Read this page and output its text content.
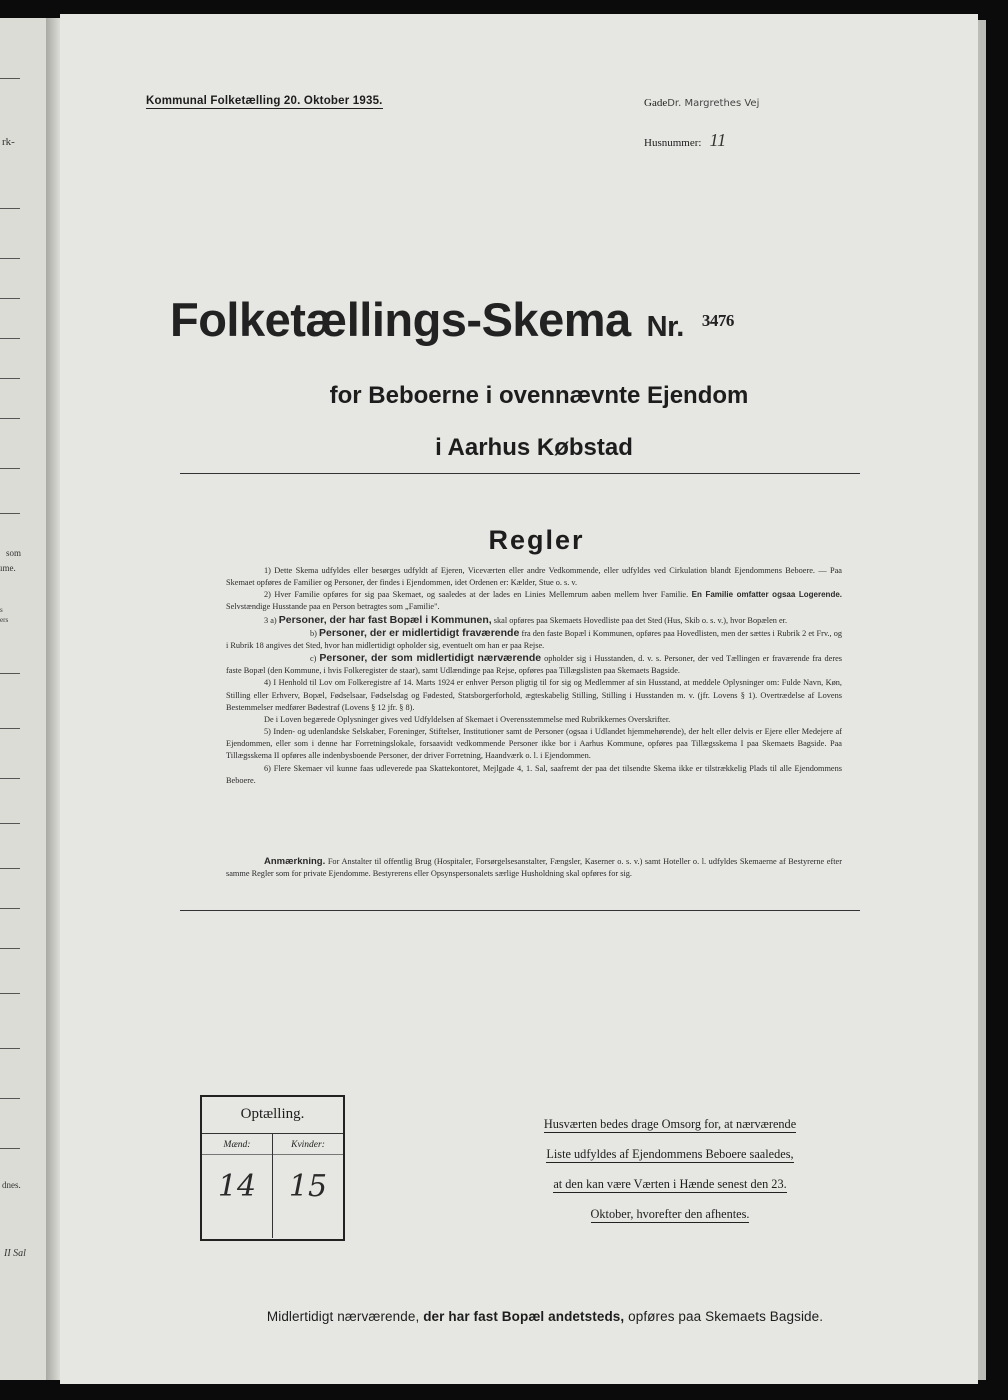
rk-
som
ıme.
s
ers
dnes.
II Sal
Kommunal Folketælling 20. Oktober 1935.	GadeDr. Margrethes Vej
Husnummer: 11
Folketællings-Skema Nr. $^{3476}$
for Beboerne i ovennævnte Ejendom
i Aarhus Købstad
Regler

1) Dette Skema udfyldes eller besørges udfyldt af Ejeren, Viceværten eller andre Vedkommende, eller udfyldes ved Cirkulation blandt Ejendommens Beboere. — Paa Skemaet opføres de Familier og Personer, der findes i Ejendommen, idet Ordenen er: Kælder, Stue o. s. v.

2) Hver Familie opføres for sig paa Skemaet, og saaledes at der lades en Linies Mellemrum aaben mellem hver Familie. En Familie omfatter ogsaa Logerende. Selvstændige Husstande paa en Person betragtes som „Familie".

3 a) Personer, der har fast Bopæl i Kommunen, skal opføres paa Skemaets Hovedliste paa det Sted (Hus, Skib o. s. v.), hvor Bopælen er.

b) Personer, der er midlertidigt fraværende fra den faste Bopæl i Kommunen, opføres paa Hovedlisten, men der sættes i Rubrik 2 et Frv., og i Rubrik 18 angives det Sted, hvor han midlertidigt opholder sig, eventuelt om han er paa Rejse.

c) Personer, der som midlertidigt nærværende opholder sig i Husstanden, d. v. s. Personer, der ved Tællingen er fraværende fra deres faste Bopæl (den Kommune, i hvis Folkeregister de staar), samt Udlændinge paa Rejse, opføres paa Tillægslisten paa Skemaets Bagside.

4) I Henhold til Lov om Folkeregistre af 14. Marts 1924 er enhver Person pligtig til for sig og Medlemmer af sin Husstand, at meddele Oplysninger om: Fulde Navn, Køn, Stilling eller Erhverv, Bopæl, Fødselsaar, Fødselsdag og Fødested, Statsborgerforhold, ægteskabelig Stilling, Stilling i Husstanden m. v. (jfr. Lovens § 1). Overtrædelse af Lovens Bestemmelser medfører Bødestraf (Lovens § 12 jfr. § 8).

De i Loven begærede Oplysninger gives ved Udfyldelsen af Skemaet i Overensstemmelse med Rubrikkernes Overskrifter.

5) Inden- og udenlandske Selskaber, Foreninger, Stiftelser, Institutioner samt de Personer (ogsaa i Udlandet hjemmehørende), der helt eller delvis er Ejere eller Medejere af Ejendommen, eller som i denne har Forretningslokale, forsaavidt vedkommende Personer ikke bor i Aarhus Kommune, opføres paa Tillægsskema I paa Skemaets Bagside. Paa Tillægsskema II opføres alle indenbysboende Personer, der driver Forretning, Haandværk o. l. i Ejendommen.

6) Flere Skemaer vil kunne faas udleverede paa Skattekontoret, Mejlgade 4, 1. Sal, saafremt der paa det tilsendte Skema ikke er tilstrækkelig Plads til alle Ejendommens Beboere.

Anmærkning. For Anstalter til offentlig Brug (Hospitaler, Forsørgelsesanstalter, Fængsler, Kaserner o. s. v.) samt Hoteller o. l. udfyldes Skemaerne af Bestyrerne efter samme Regler som for private Ejendomme. Bestyrerens eller Opsynspersonalets særlige Husholdning skal opføres for sig.

Optælling.
Mænd:
14
Kvinder:
15
Husværten bedes drage Omsorg for, at nærværende
Liste udfyldes af Ejendommens Beboere saaledes,
at den kan være Værten i Hænde senest den 23.
Oktober, hvorefter den afhentes.
Midlertidigt nærværende, der har fast Bopæl andetsteds, opføres paa Skemaets Bagside.
